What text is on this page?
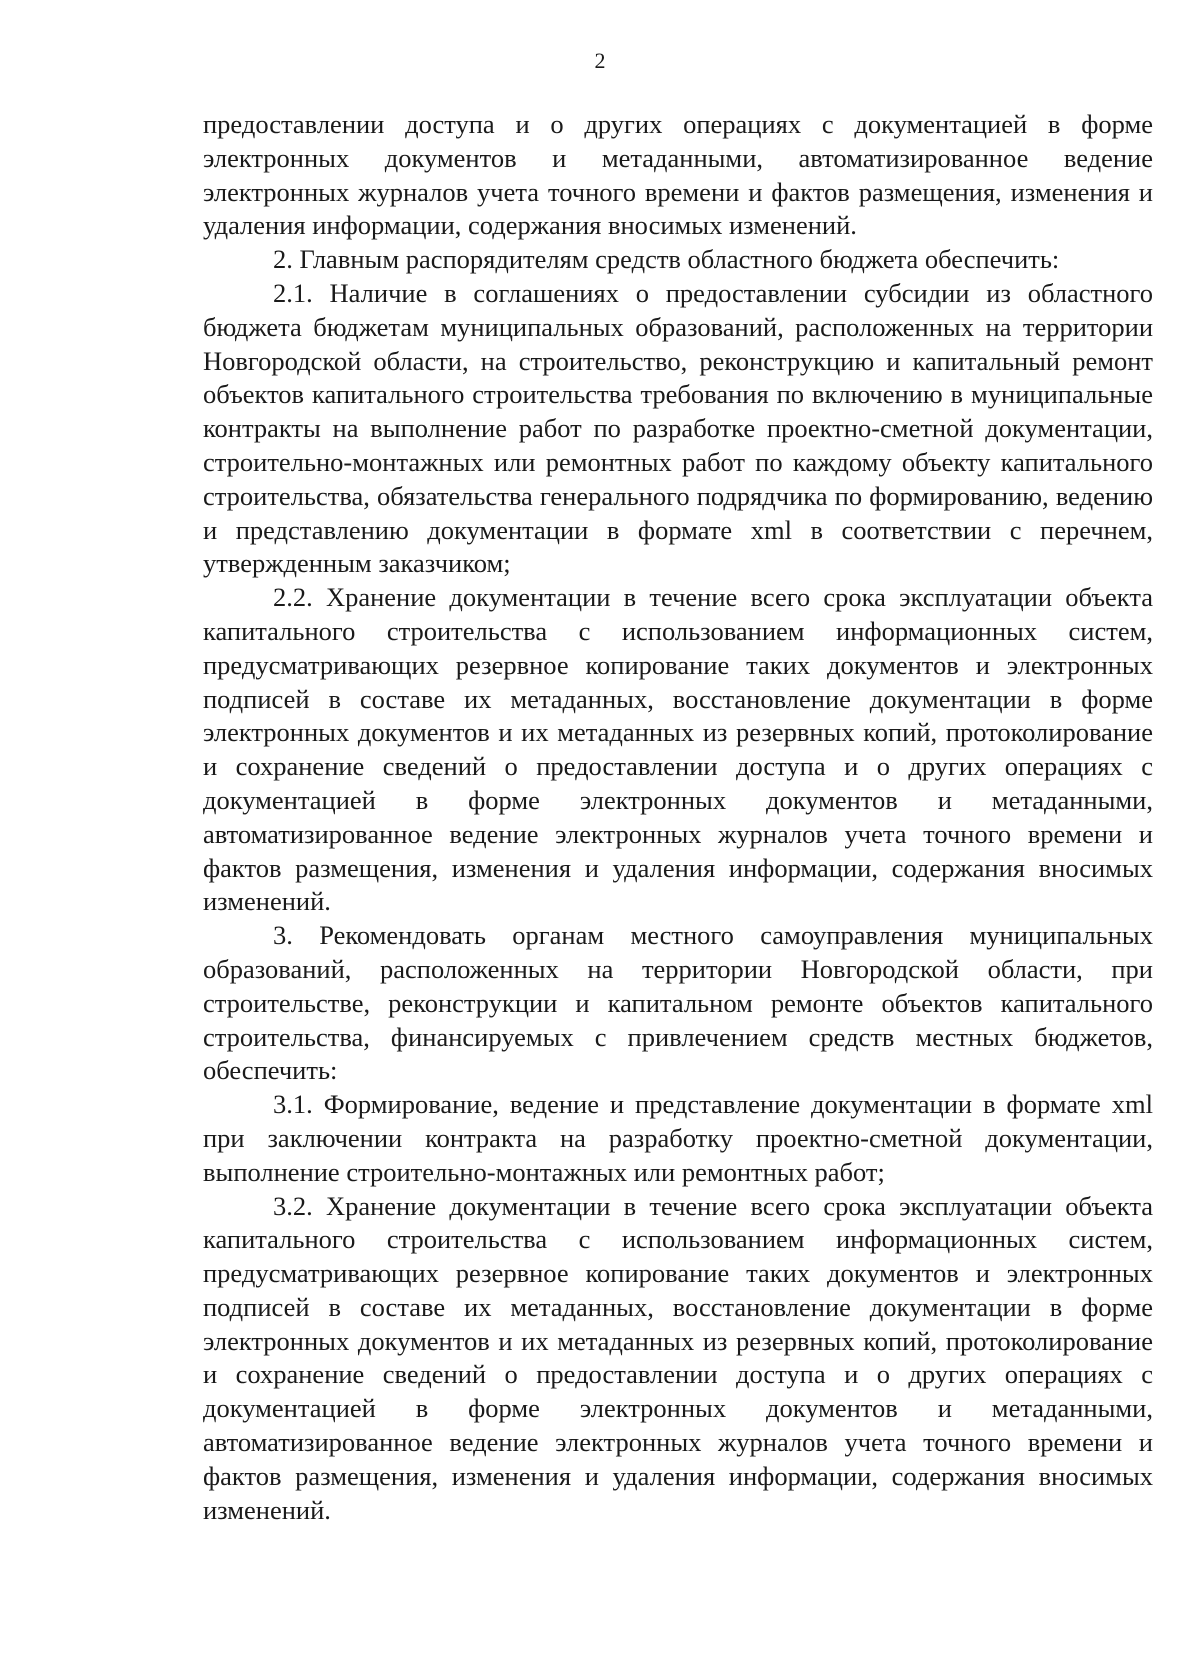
2

предоставлении доступа и о других операциях с документацией в форме электронных документов и метаданными, автоматизированное ведение электронных журналов учета точного времени и фактов размещения, изменения и удаления информации, содержания вносимых изменений.

2. Главным распорядителям средств областного бюджета обеспечить:

2.1. Наличие в соглашениях о предоставлении субсидии из областного бюджета бюджетам муниципальных образований, расположенных на территории Новгородской области, на строительство, реконструкцию и капитальный ремонт объектов капитального строительства требования по включению в муниципальные контракты на выполнение работ по разработке проектно-сметной документации, строительно-монтажных или ремонтных работ по каждому объекту капитального строительства, обязательства генерального подрядчика по формированию, ведению и представлению документации в формате xml в соответствии с перечнем, утвержденным заказчиком;

2.2. Хранение документации в течение всего срока эксплуатации объекта капитального строительства с использованием информационных систем, предусматривающих резервное копирование таких документов и электронных подписей в составе их метаданных, восстановление документации в форме электронных документов и их метаданных из резервных копий, протоколирование и сохранение сведений о предоставлении доступа и о других операциях с документацией в форме электронных документов и метаданными, автоматизированное ведение электронных журналов учета точного времени и фактов размещения, изменения и удаления информации, содержания вносимых изменений.

3. Рекомендовать органам местного самоуправления муниципальных образований, расположенных на территории Новгородской области, при строительстве, реконструкции и капитальном ремонте объектов капитального строительства, финансируемых с привлечением средств местных бюджетов, обеспечить:

3.1. Формирование, ведение и представление документации в формате xml при заключении контракта на разработку проектно-сметной документации, выполнение строительно-монтажных или ремонтных работ;

3.2. Хранение документации в течение всего срока эксплуатации объекта капитального строительства с использованием информационных систем, предусматривающих резервное копирование таких документов и электронных подписей в составе их метаданных, восстановление документации в форме электронных документов и их метаданных из резервных копий, протоколирование и сохранение сведений о предоставлении доступа и о других операциях с документацией в форме электронных документов и метаданными, автоматизированное ведение электронных журналов учета точного времени и фактов размещения, изменения и удаления информации, содержания вносимых изменений.
